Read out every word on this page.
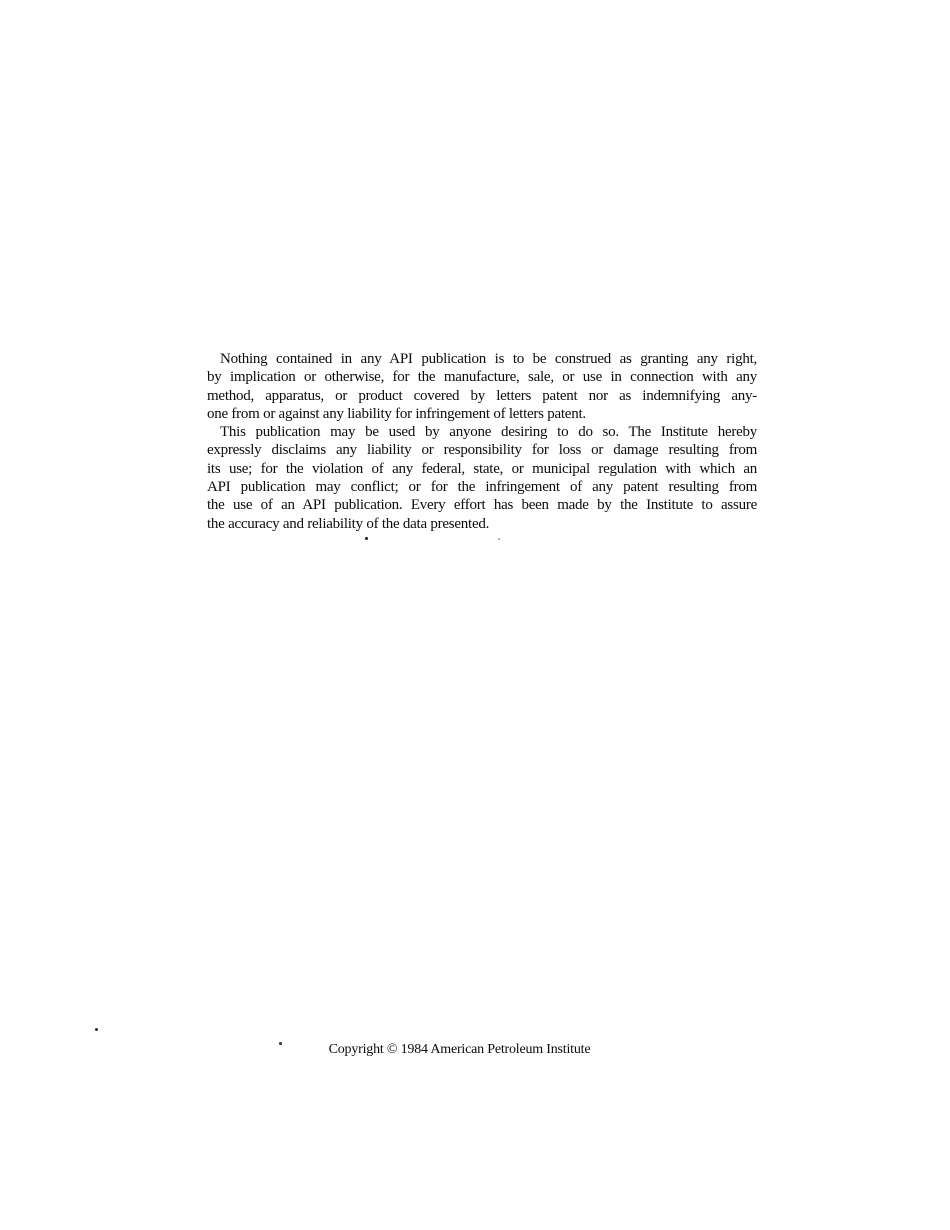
Nothing contained in any API publication is to be construed as granting any right,
by implication or otherwise, for the manufacture, sale, or use in connection with any
method, apparatus, or product covered by letters patent nor as indemnifying any-
one from or against any liability for infringement of letters patent.
This publication may be used by anyone desiring to do so. The Institute hereby
expressly disclaims any liability or responsibility for loss or damage resulting from
its use; for the violation of any federal, state, or municipal regulation with which an
API publication may conflict; or for the infringement of any patent resulting from
the use of an API publication. Every effort has been made by the Institute to assure
the accuracy and reliability of the data presented.
Copyright © 1984 American Petroleum Institute
